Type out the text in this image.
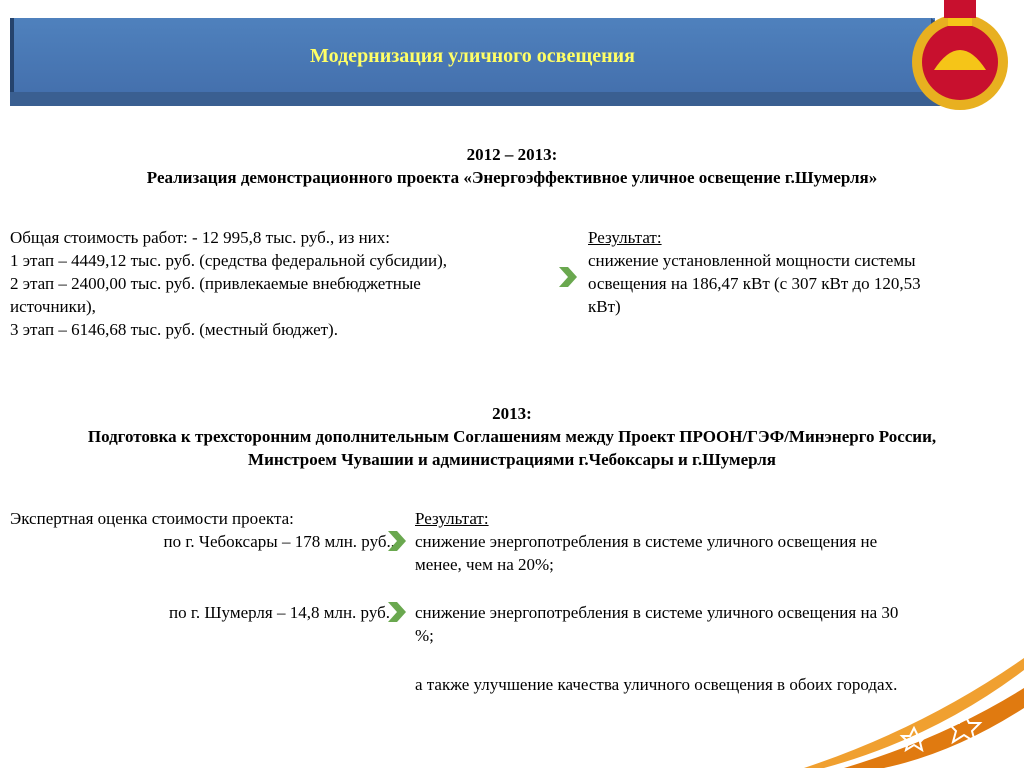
Модернизация уличного освещения
2012 – 2013:
Реализация демонстрационного проекта «Энергоэффективное уличное освещение г.Шумерля»
Общая стоимость работ: - 12 995,8 тыс. руб., из них:
1 этап – 4449,12 тыс. руб. (средства федеральной субсидии),
2 этап – 2400,00 тыс. руб. (привлекаемые внебюджетные
источники),
3 этап – 6146,68 тыс. руб. (местный бюджет).
Результат:
снижение установленной мощности системы
освещения на 186,47 кВт (с 307 кВт до 120,53
кВт)
2013:
Подготовка к трехсторонним дополнительным Соглашениям между Проект ПРООН/ГЭФ/Минэнерго России,
Минстроем Чувашии и администрациями г.Чебоксары и г.Шумерля
Экспертная оценка стоимости проекта:
по г. Чебоксары – 178 млн. руб.,
по г. Шумерля – 14,8 млн. руб.
Результат:
снижение энергопотребления в системе уличного освещения не
менее, чем на 20%;
снижение энергопотребления в системе уличного освещения на 30
%;
а также улучшение качества уличного освещения в обоих городах.
